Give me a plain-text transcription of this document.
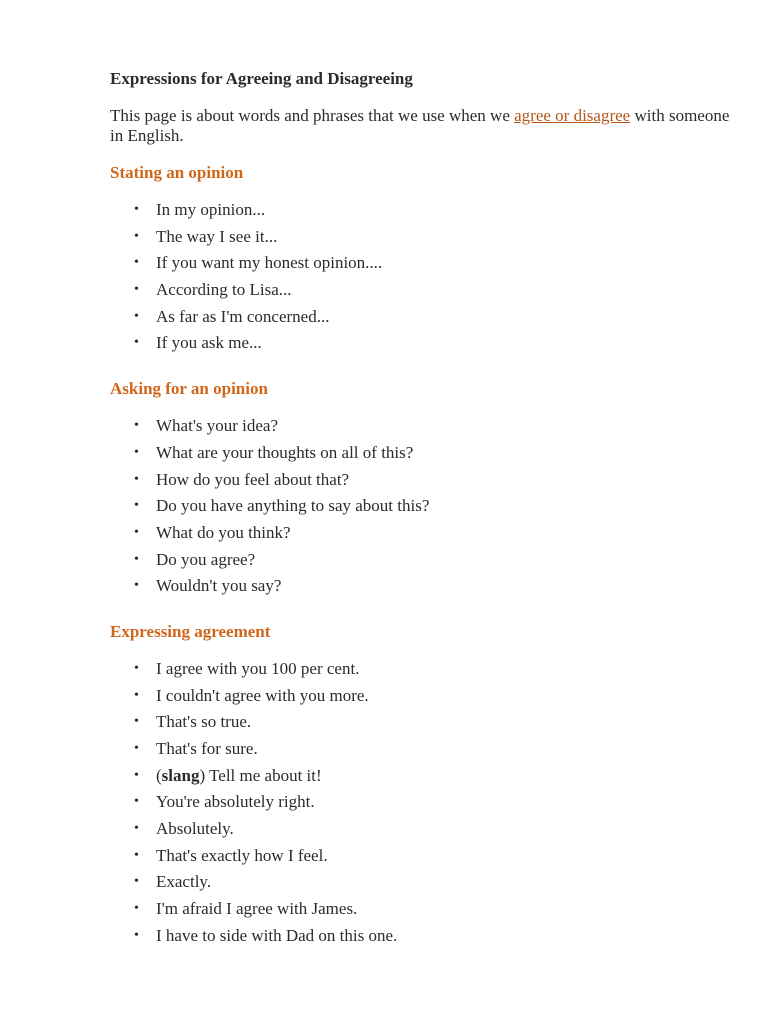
Expressions for Agreeing and Disagreeing

This page is about words and phrases that we use when we agree or disagree with someone in English.

Stating an opinion
• In my opinion...
• The way I see it...
• If you want my honest opinion....
• According to Lisa...
• As far as I'm concerned...
• If you ask me...
Asking for an opinion
• What's your idea?
• What are your thoughts on all of this?
• How do you feel about that?
• Do you have anything to say about this?
• What do you think?
• Do you agree?
• Wouldn't you say?
Expressing agreement
• I agree with you 100 per cent.
• I couldn't agree with you more.
• That's so true.
• That's for sure.
• (slang) Tell me about it!
• You're absolutely right.
• Absolutely.
• That's exactly how I feel.
• Exactly.
• I'm afraid I agree with James.
• I have to side with Dad on this one.
